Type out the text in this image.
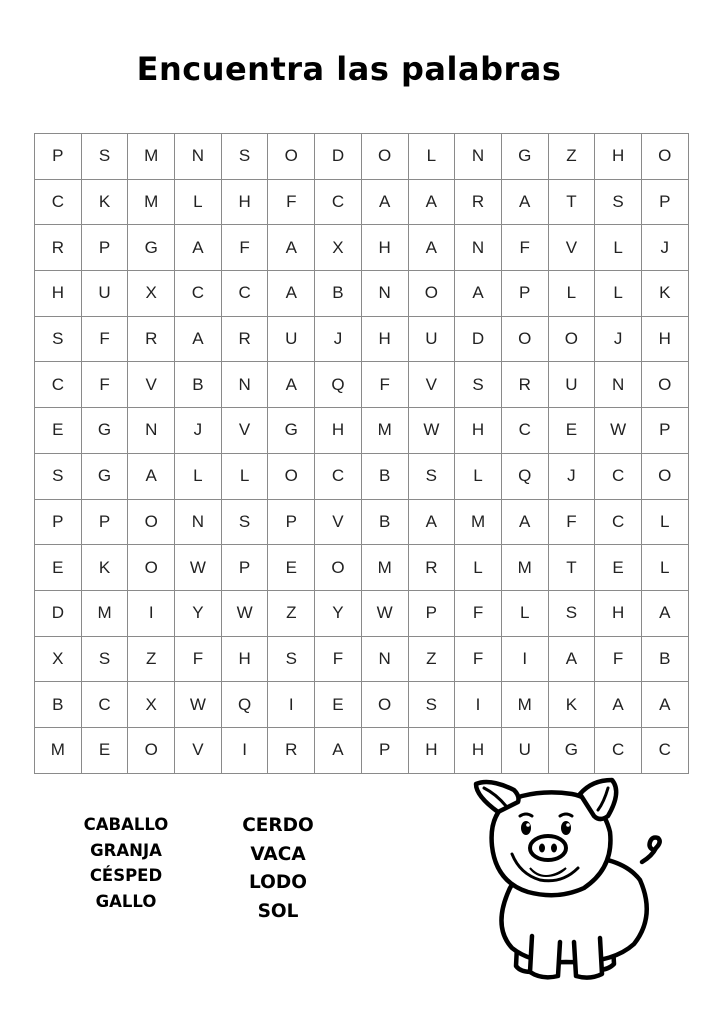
Encuentra las palabras
P	S	M	N	S	O	D	O	L	N	G	Z	H	O
C	K	M	L	H	F	C	A	A	R	A	T	S	P
R	P	G	A	F	A	X	H	A	N	F	V	L	J
H	U	X	C	C	A	B	N	O	A	P	L	L	K
S	F	R	A	R	U	J	H	U	D	O	O	J	H
C	F	V	B	N	A	Q	F	V	S	R	U	N	O
E	G	N	J	V	G	H	M	W	H	C	E	W	P
S	G	A	L	L	O	C	B	S	L	Q	J	C	O
P	P	O	N	S	P	V	B	A	M	A	F	C	L
E	K	O	W	P	E	O	M	R	L	M	T	E	L
D	M	I	Y	W	Z	Y	W	P	F	L	S	H	A
X	S	Z	F	H	S	F	N	Z	F	I	A	F	B
B	C	X	W	Q	I	E	O	S	I	M	K	A	A
M	E	O	V	I	R	A	P	H	H	U	G	C	C
CABALLO
GRANJA
CÉSPED
GALLO
CERDO
VACA
LODO
SOL
